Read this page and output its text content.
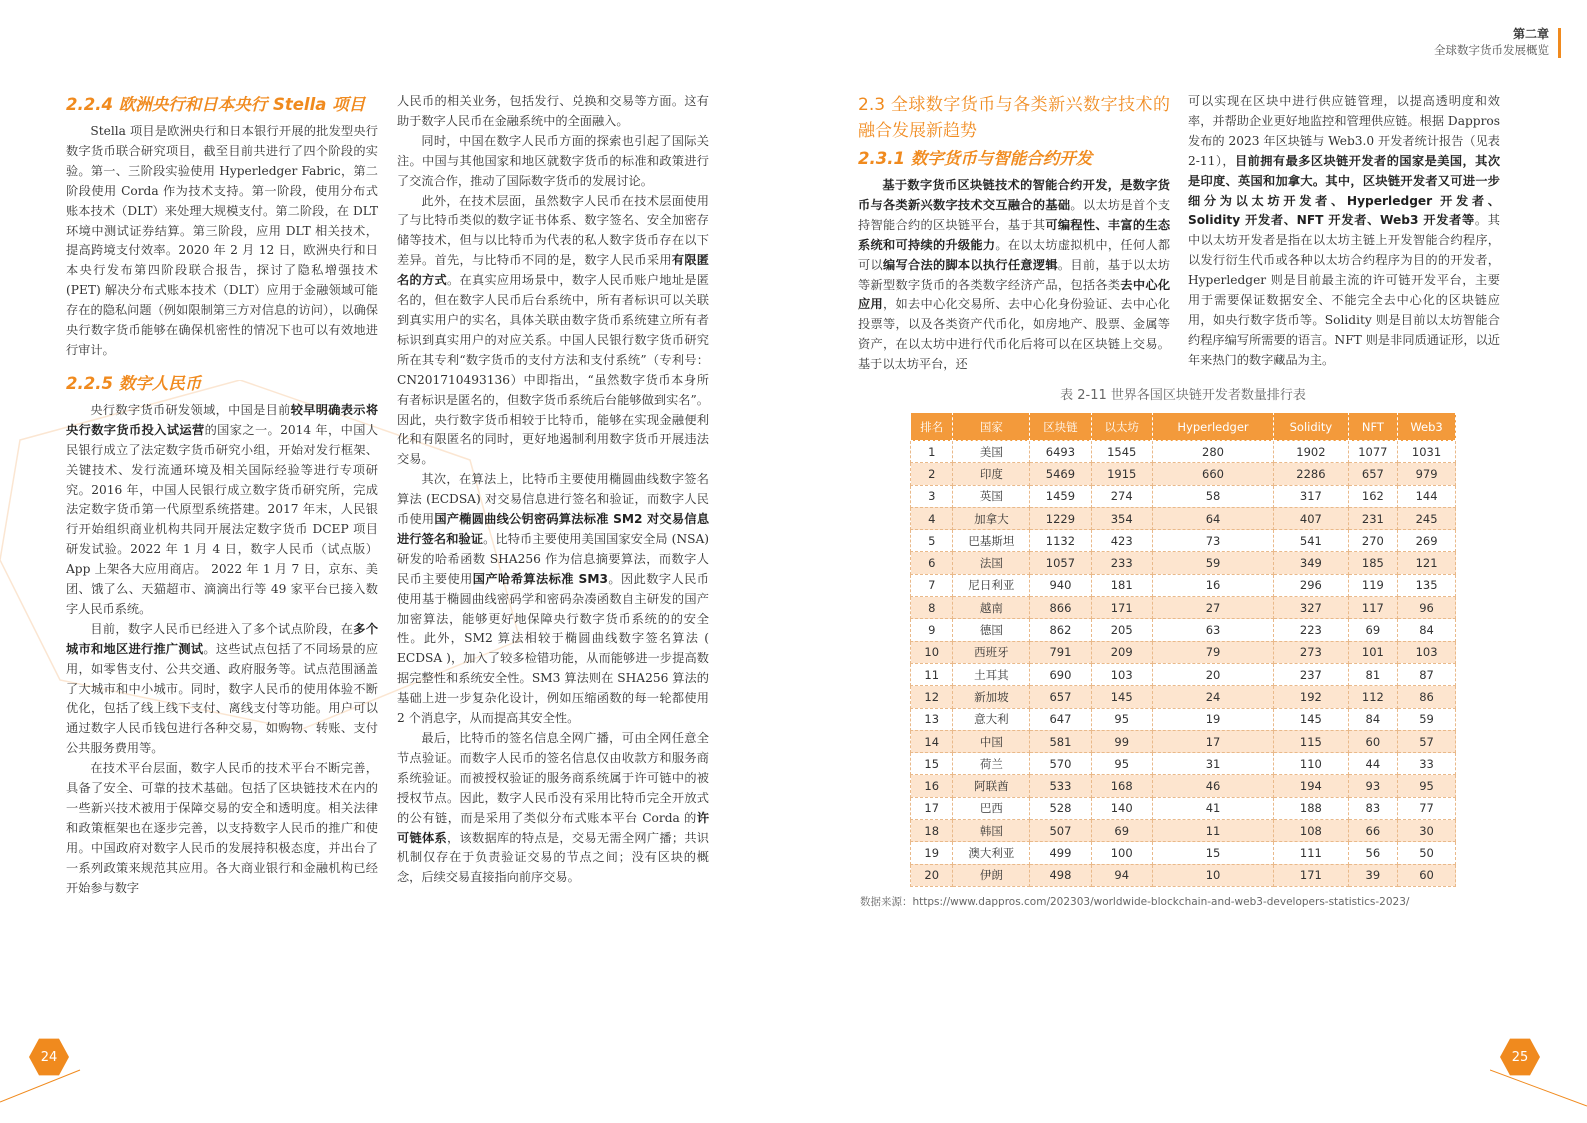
第二章
全球数字货币发展概览
2.2.4 欧洲央行和日本央行 Stella 项目

Stella 项目是欧洲央行和日本银行开展的批发型央行数字货币联合研究项目，截至目前共进行了四个阶段的实验。第一、三阶段实验使用 Hyperledger Fabric，第二阶段使用 Corda 作为技术支持。第一阶段，使用分布式账本技术（DLT）来处理大规模支付。第二阶段，在 DLT 环境中测试证券结算。第三阶段，应用 DLT 相关技术，提高跨境支付效率。2020 年 2 月 12 日，欧洲央行和日本央行发布第四阶段联合报告，探讨了隐私增强技术 (PET) 解决分布式账本技术（DLT）应用于金融领域可能存在的隐私问题（例如限制第三方对信息的访问），以确保央行数字货币能够在确保机密性的情况下也可以有效地进行审计。

2.2.5 数字人民币

央行数字货币研发领域，中国是目前较早明确表示将央行数字货币投入试运营的国家之一。2014 年，中国人民银行成立了法定数字货币研究小组，开始对发行框架、关键技术、发行流通环境及相关国际经验等进行专项研究。2016 年，中国人民银行成立数字货币研究所，完成法定数字货币第一代原型系统搭建。2017 年末，人民银行开始组织商业机构共同开展法定数字货币 DCEP 项目研发试验。2022 年 1 月 4 日，数字人民币（试点版）App 上架各大应用商店。 2022 年 1 月 7 日，京东、美团、饿了么、天猫超市、滴滴出行等 49 家平台已接入数字人民币系统。

目前，数字人民币已经进入了多个试点阶段，在多个城市和地区进行推广测试。这些试点包括了不同场景的应用，如零售支付、公共交通、政府服务等。试点范围涵盖了大城市和中小城市。同时，数字人民币的使用体验不断优化，包括了线上线下支付、离线支付等功能。用户可以通过数字人民币钱包进行各种交易，如购物、转账、支付公共服务费用等。

在技术平台层面，数字人民币的技术平台不断完善，具备了安全、可靠的技术基础。包括了区块链技术在内的一些新兴技术被用于保障交易的安全和透明度。相关法律和政策框架也在逐步完善，以支持数字人民币的推广和使用。中国政府对数字人民币的发展持积极态度，并出台了一系列政策来规范其应用。各大商业银行和金融机构已经开始参与数字

人民币的相关业务，包括发行、兑换和交易等方面。这有助于数字人民币在金融系统中的全面融入。

同时，中国在数字人民币方面的探索也引起了国际关注。中国与其他国家和地区就数字货币的标准和政策进行了交流合作，推动了国际数字货币的发展讨论。

此外，在技术层面，虽然数字人民币在技术层面使用了与比特币类似的数字证书体系、数字签名、安全加密存储等技术，但与以比特币为代表的私人数字货币存在以下差异。首先，与比特币不同的是，数字人民币采用有限匿名的方式。在真实应用场景中，数字人民币账户地址是匿名的，但在数字人民币后台系统中，所有者标识可以关联到真实用户的实名，具体关联由数字货币系统建立所有者标识到真实用户的对应关系。中国人民银行数字货币研究所在其专利“数字货币的支付方法和支付系统”（专利号：CN201710493136）中即指出，“虽然数字货币本身所有者标识是匿名的，但数字货币系统后台能够做到实名”。因此，央行数字货币相较于比特币，能够在实现金融便利化和有限匿名的同时，更好地遏制利用数字货币开展违法交易。

其次，在算法上，比特币主要使用椭圆曲线数字签名算法 (ECDSA) 对交易信息进行签名和验证，而数字人民币使用国产椭圆曲线公钥密码算法标准 SM2 对交易信息进行签名和验证。比特币主要使用美国国家安全局 (NSA) 研发的哈希函数 SHA256 作为信息摘要算法，而数字人民币主要使用国产哈希算法标准 SM3。因此数字人民币使用基于椭圆曲线密码学和密码杂凑函数自主研发的国产加密算法，能够更好地保障央行数字货币系统的的安全性。此外，SM2 算法相较于椭圆曲线数字签名算法 ( ECDSA )，加入了较多检错功能，从而能够进一步提高数据完整性和系统安全性。SM3 算法则在 SHA256 算法的基础上进一步复杂化设计，例如压缩函数的每一轮都使用 2 个消息字，从而提高其安全性。

最后，比特币的签名信息全网广播，可由全网任意全节点验证。而数字人民币的签名信息仅由收款方和服务商系统验证。而被授权验证的服务商系统属于许可链中的被授权节点。因此，数字人民币没有采用比特币完全开放式的公有链，而是采用了类似分布式账本平台 Corda 的许可链体系，该数据库的特点是，交易无需全网广播；共识机制仅存在于负责验证交易的节点之间；没有区块的概念，后续交易直接指向前序交易。

2.3 全球数字货币与各类新兴数字技术的融合发展新趋势
2.3.1 数字货币与智能合约开发

基于数字货币区块链技术的智能合约开发，是数字货币与各类新兴数字技术交互融合的基础。以太坊是首个支持智能合约的区块链平台，基于其可编程性、丰富的生态系统和可持续的升级能力。在以太坊虚拟机中，任何人都可以编写合法的脚本以执行任意逻辑。目前，基于以太坊等新型数字货币的各类数字经济产品，包括各类去中心化应用，如去中心化交易所、去中心化身份验证、去中心化投票等，以及各类资产代币化，如房地产、股票、金属等资产，在以太坊中进行代币化后将可以在区块链上交易。基于以太坊平台，还

可以实现在区块中进行供应链管理，以提高透明度和效率，并帮助企业更好地监控和管理供应链。根据 Dappros 发布的 2023 年区块链与 Web3.0 开发者统计报告（见表 2-11），目前拥有最多区块链开发者的国家是美国，其次是印度、英国和加拿大。其中，区块链开发者又可进一步细分为以太坊开发者、Hyperledger 开发者、Solidity 开发者、NFT 开发者、Web3 开发者等。其中以太坊开发者是指在以太坊主链上开发智能合约程序，以发行衍生代币或各种以太坊合约程序为目的的开发者，Hyperledger 则是目前最主流的许可链开发平台，主要用于需要保证数据安全、不能完全去中心化的区块链应用，如央行数字货币等。Solidity 则是目前以太坊智能合约程序编写所需要的语言。NFT 则是非同质通证形，以近年来热门的数字藏品为主。

表 2-11 世界各国区块链开发者数量排行表
排名	国家	区块链	以太坊	Hyperledger	Solidity	NFT	Web3
1	美国	6493	1545	280	1902	1077	1031
2	印度	5469	1915	660	2286	657	979
3	英国	1459	274	58	317	162	144
4	加拿大	1229	354	64	407	231	245
5	巴基斯坦	1132	423	73	541	270	269
6	法国	1057	233	59	349	185	121
7	尼日利亚	940	181	16	296	119	135
8	越南	866	171	27	327	117	96
9	德国	862	205	63	223	69	84
10	西班牙	791	209	79	273	101	103
11	土耳其	690	103	20	237	81	87
12	新加坡	657	145	24	192	112	86
13	意大利	647	95	19	145	84	59
14	中国	581	99	17	115	60	57
15	荷兰	570	95	31	110	44	33
16	阿联酋	533	168	46	194	93	95
17	巴西	528	140	41	188	83	77
18	韩国	507	69	11	108	66	30
19	澳大利亚	499	100	15	111	56	50
20	伊朗	498	94	10	171	39	60
数据来源：https://www.dappros.com/202303/worldwide-blockchain-and-web3-developers-statistics-2023/
24	25
